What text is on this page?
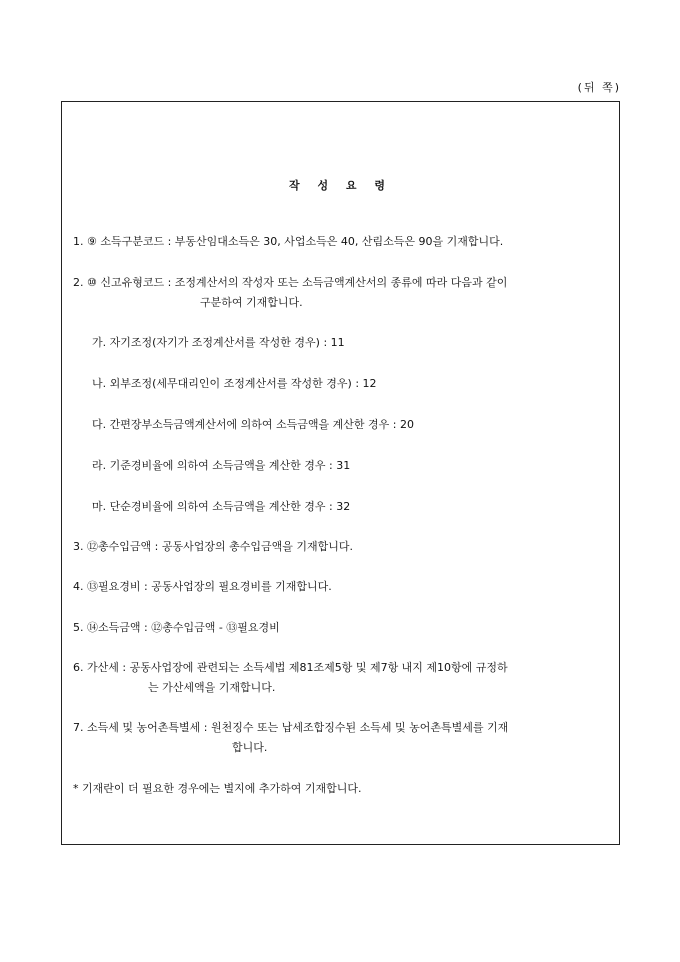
(뒤 쪽)
작 성 요 령
1. ⑨ 소득구분코드 : 부동산임대소득은 30, 사업소득은 40, 산림소득은 90을 기재합니다.
2. ⑩ 신고유형코드 : 조정계산서의 작성자 또는 소득금액계산서의 종류에 따라 다음과 같이
구분하여 기재합니다.
가. 자기조정(자기가 조정계산서를 작성한 경우) : 11
나. 외부조정(세무대리인이 조정계산서를 작성한 경우) : 12
다. 간편장부소득금액계산서에 의하여 소득금액을 계산한 경우 : 20
라. 기준경비율에 의하여 소득금액을 계산한 경우 : 31
마. 단순경비율에 의하여 소득금액을 계산한 경우 : 32
3. ⑫총수입금액 : 공동사업장의 총수입금액을 기재합니다.
4. ⑬필요경비 : 공동사업장의 필요경비를 기재합니다.
5. ⑭소득금액 : ⑫총수입금액 - ⑬필요경비
6. 가산세 : 공동사업장에 관련되는 소득세법 제81조제5항 및 제7항 내지 제10항에 규정하
는 가산세액을 기재합니다.
7. 소득세 및 농어촌특별세 : 원천징수 또는 납세조합징수된 소득세 및 농어촌특별세를 기재
합니다.
* 기재란이 더 필요한 경우에는 별지에 추가하여 기재합니다.
